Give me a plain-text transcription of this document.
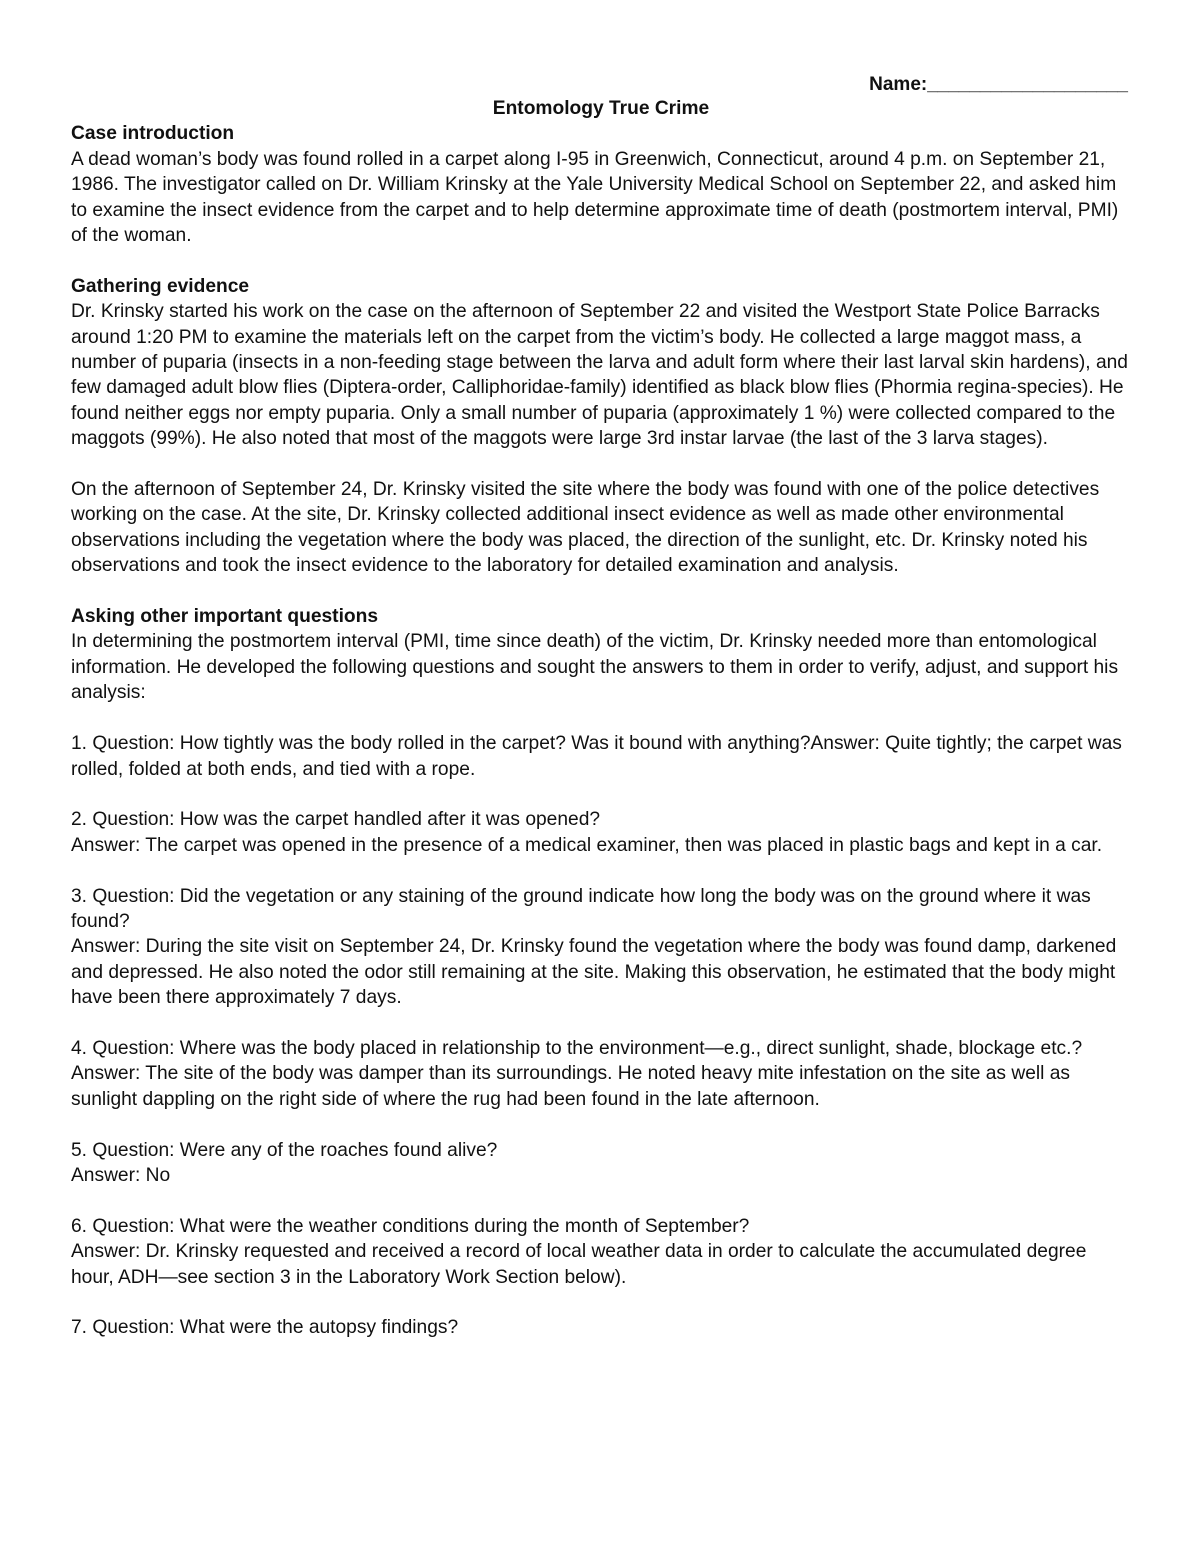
Name:___________________

Entomology True Crime

Case introduction

A dead woman’s body was found rolled in a carpet along I-95 in Greenwich, Connecticut, around 4 p.m. on September 21, 1986. The investigator called on Dr. William Krinsky at the Yale University Medical School on September 22, and asked him to examine the insect evidence from the carpet and to help determine approximate time of death (postmortem interval, PMI) of the woman.

Gathering evidence

Dr. Krinsky started his work on the case on the afternoon of September 22 and visited the Westport State Police Barracks around 1:20 PM to examine the materials left on the carpet from the victim’s body. He collected a large maggot mass, a number of puparia (insects in a non-feeding stage between the larva and adult form where their last larval skin hardens), and few damaged adult blow flies (Diptera-order, Calliphoridae-family) identified as black blow flies (Phormia regina-species). He found neither eggs nor empty puparia. Only a small number of puparia (approximately 1 %) were collected compared to the maggots (99%). He also noted that most of the maggots were large 3rd instar larvae (the last of the 3 larva stages).

On the afternoon of September 24, Dr. Krinsky visited the site where the body was found with one of the police detectives working on the case. At the site, Dr. Krinsky collected additional insect evidence as well as made other environmental observations including the vegetation where the body was placed, the direction of the sunlight, etc. Dr. Krinsky noted his observations and took the insect evidence to the laboratory for detailed examination and analysis.

Asking other important questions

In determining the postmortem interval (PMI, time since death) of the victim, Dr. Krinsky needed more than entomological information. He developed the following questions and sought the answers to them in order to verify, adjust, and support his analysis:

1. Question: How tightly was the body rolled in the carpet? Was it bound with anything?Answer: Quite tightly; the carpet was rolled, folded at both ends, and tied with a rope.

2. Question: How was the carpet handled after it was opened?

Answer: The carpet was opened in the presence of a medical examiner, then was placed in plastic bags and kept in a car.

3. Question: Did the vegetation or any staining of the ground indicate how long the body was on the ground where it was found?

Answer: During the site visit on September 24, Dr. Krinsky found the vegetation where the body was found damp, darkened and depressed. He also noted the odor still remaining at the site. Making this observation, he estimated that the body might have been there approximately 7 days.

4. Question: Where was the body placed in relationship to the environment—e.g., direct sunlight, shade, blockage etc.?

Answer: The site of the body was damper than its surroundings. He noted heavy mite infestation on the site as well as sunlight dappling on the right side of where the rug had been found in the late afternoon.

5. Question: Were any of the roaches found alive?

Answer: No

6. Question: What were the weather conditions during the month of September?

Answer: Dr. Krinsky requested and received a record of local weather data in order to calculate the accumulated degree hour, ADH—see section 3 in the Laboratory Work Section below).

7. Question: What were the autopsy findings?
